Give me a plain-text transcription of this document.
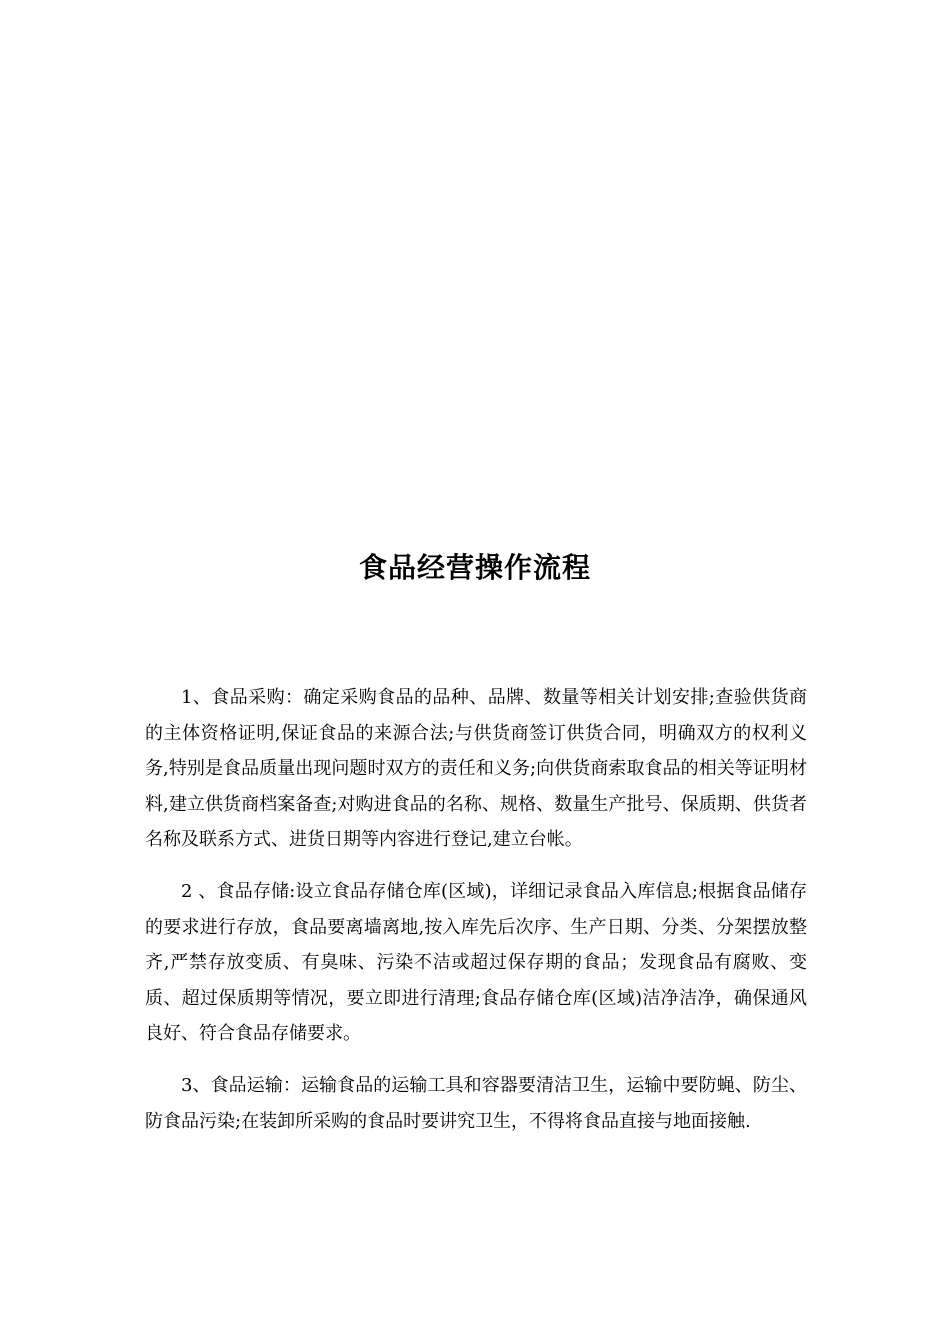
食品经营操作流程

1、食品采购：确定采购食品的品种、品牌、数量等相关计划安排;查验供货商的主体资格证明,保证食品的来源合法;与供货商签订供货合同，明确双方的权利义务,特别是食品质量出现问题时双方的责任和义务;向供货商索取食品的相关等证明材料,建立供货商档案备查;对购进食品的名称、规格、数量生产批号、保质期、供货者名称及联系方式、进货日期等内容进行登记,建立台帐。

2 、食品存储:设立食品存储仓库(区域)，详细记录食品入库信息;根据食品储存的要求进行存放，食品要离墙离地,按入库先后次序、生产日期、分类、分架摆放整齐,严禁存放变质、有臭味、污染不洁或超过保存期的食品；发现食品有腐败、变质、超过保质期等情况，要立即进行清理;食品存储仓库(区域)洁净洁净，确保通风良好、符合食品存储要求。

3、食品运输：运输食品的运输工具和容器要清洁卫生，运输中要防蝇、防尘、防食品污染;在装卸所采购的食品时要讲究卫生，不得将食品直接与地面接触.
